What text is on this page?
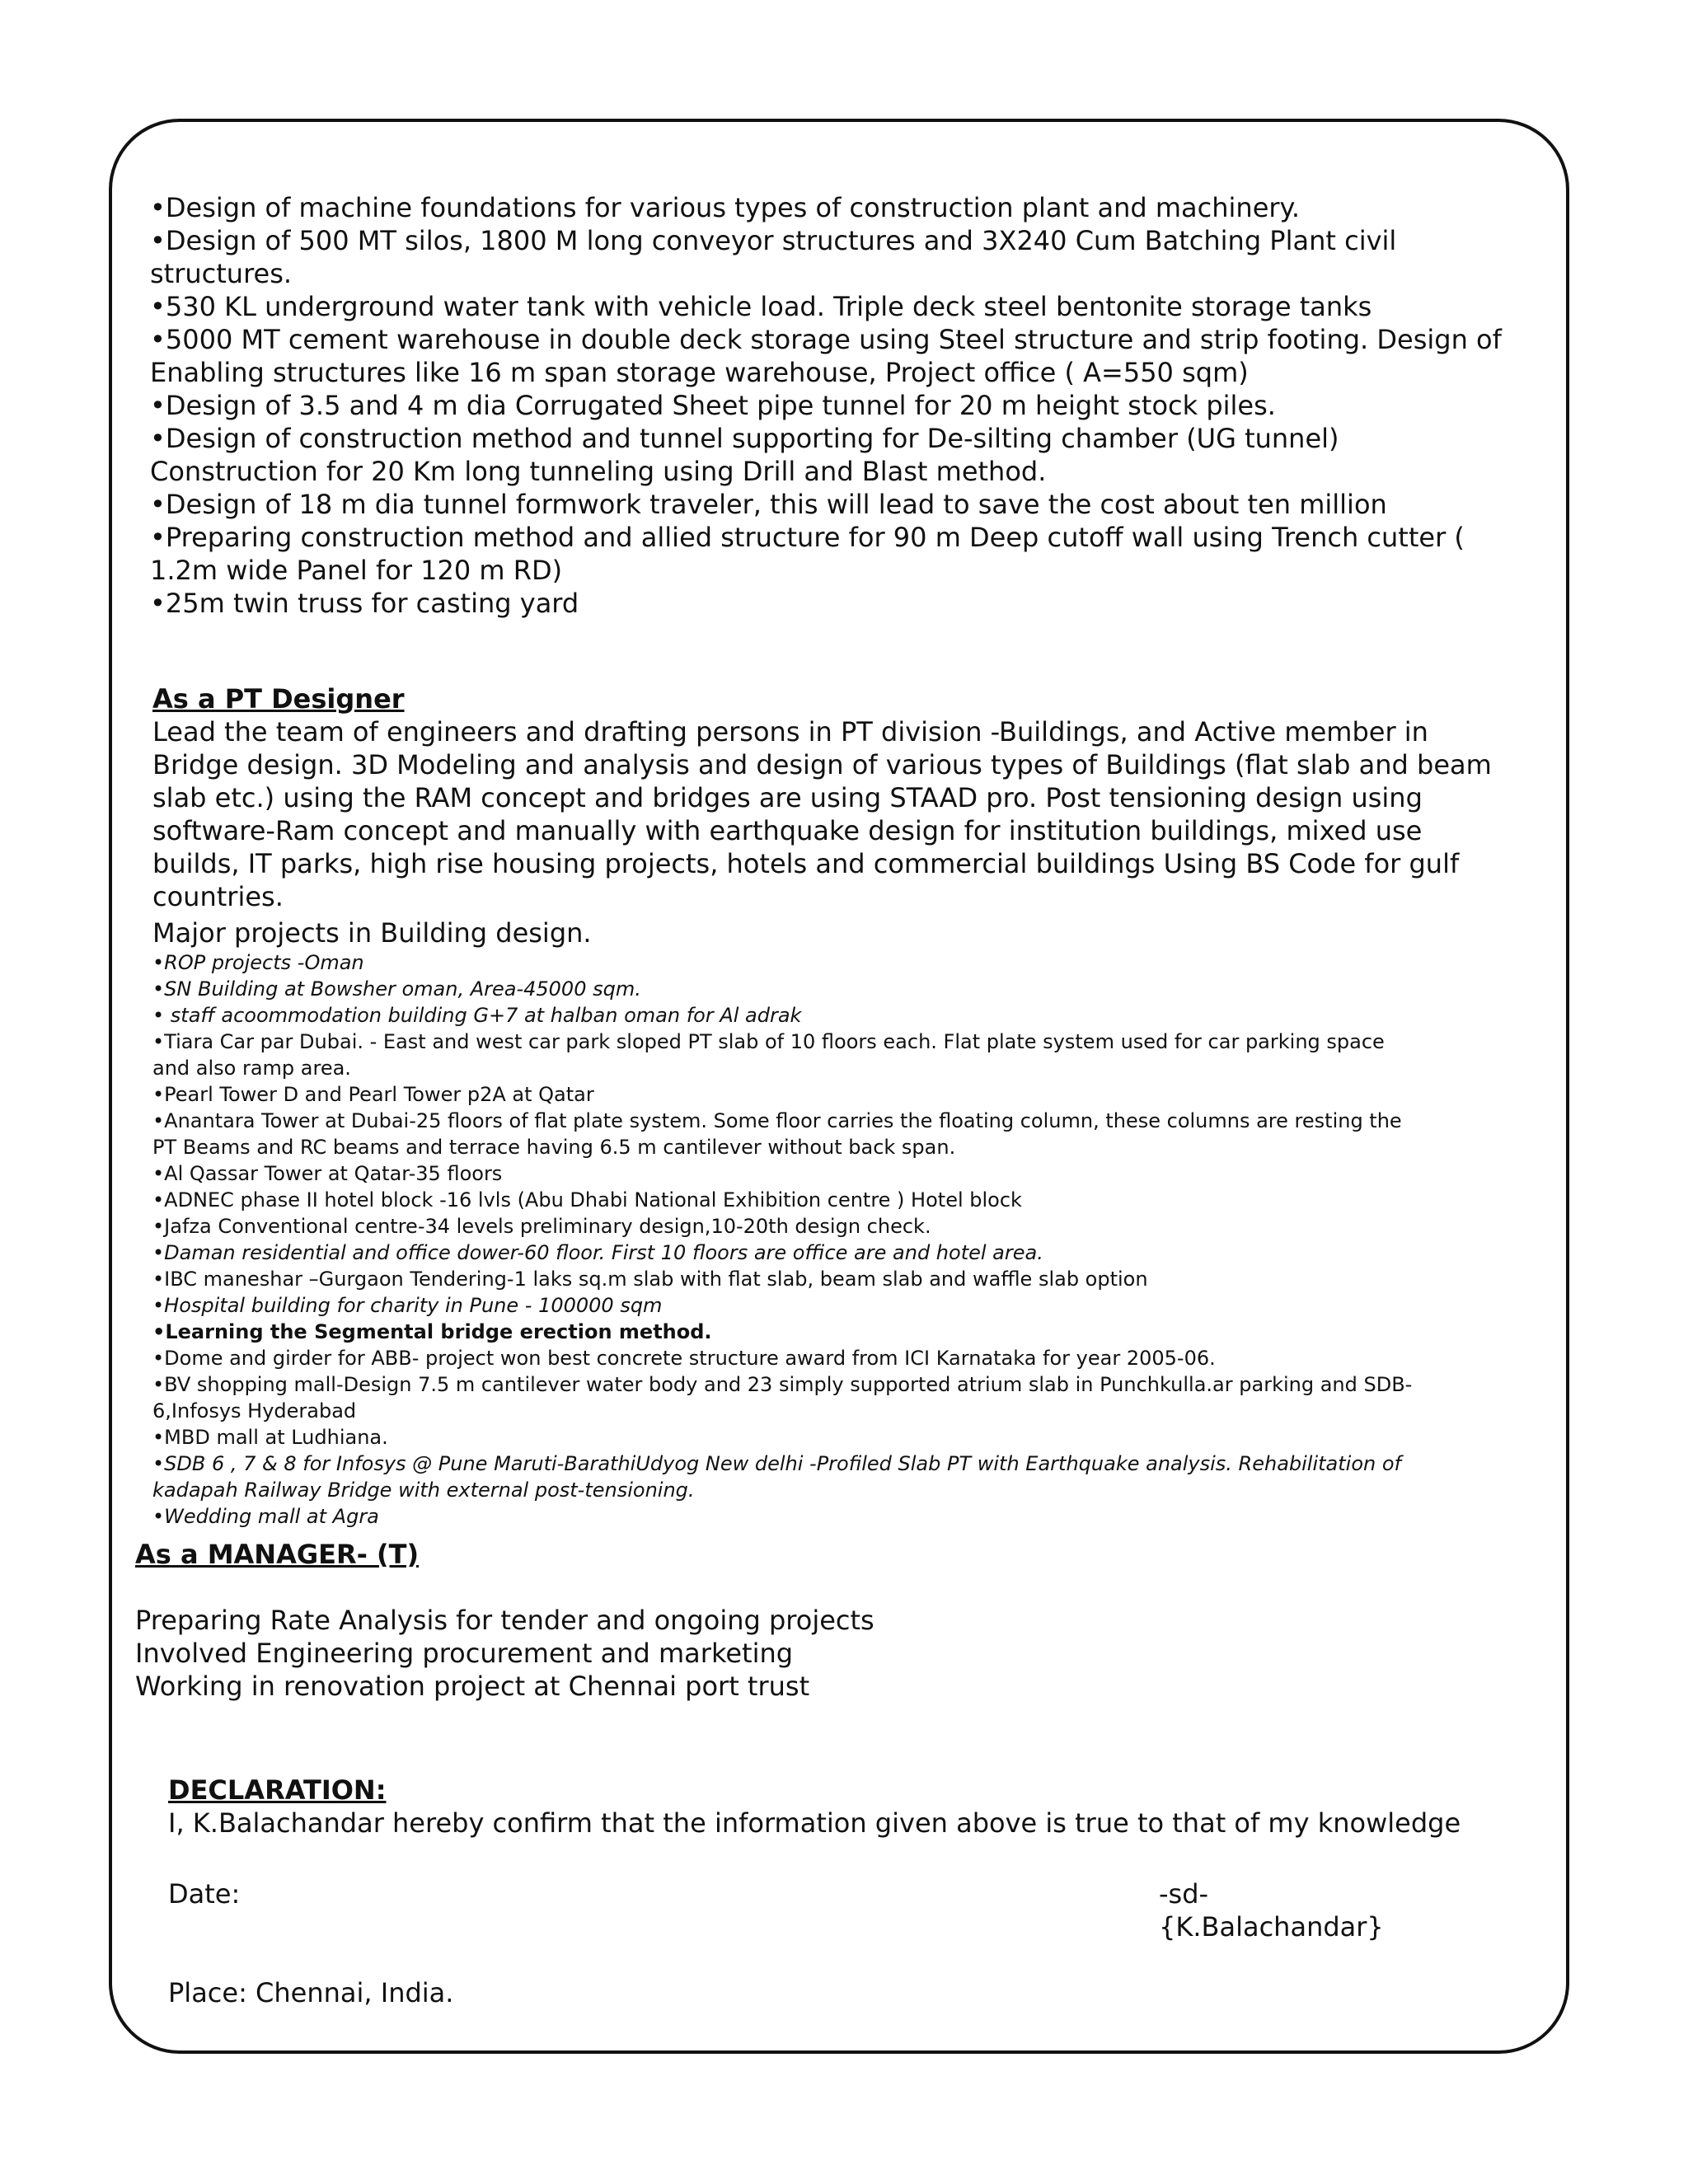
•Design of machine foundations for various types of construction plant and machinery.
•Design of 500 MT silos, 1800 M long conveyor structures and 3X240 Cum Batching Plant civil
structures.
•530 KL underground water tank with vehicle load. Triple deck steel bentonite storage tanks
•5000 MT cement warehouse in double deck storage using Steel structure and strip footing. Design of
Enabling structures like 16 m span storage warehouse, Project office ( A=550 sqm)
•Design of 3.5 and 4 m dia Corrugated Sheet pipe tunnel for 20 m height stock piles.
•Design of construction method and tunnel supporting for De-silting chamber (UG tunnel)
Construction for 20 Km long tunneling using Drill and Blast method.
•Design of 18 m dia tunnel formwork traveler, this will lead to save the cost about ten million
•Preparing construction method and allied structure for 90 m Deep cutoff wall using Trench cutter (
1.2m wide Panel for 120 m RD)
•25m twin truss for casting yard
As a PT Designer
Lead the team of engineers and drafting persons in PT division -Buildings, and Active member in
Bridge design. 3D Modeling and analysis and design of various types of Buildings (flat slab and beam
slab etc.) using the RAM concept and bridges are using STAAD pro. Post tensioning design using
software-Ram concept and manually with earthquake design for institution buildings, mixed use
builds, IT parks, high rise housing projects, hotels and commercial buildings Using BS Code for gulf
countries.
Major projects in Building design.
•ROP projects -Oman
•SN Building at Bowsher oman, Area-45000 sqm.
• staff acoommodation building G+7 at halban oman for Al adrak
•Tiara Car par Dubai. - East and west car park sloped PT slab of 10 floors each. Flat plate system used for car parking space
and also ramp area.
•Pearl Tower D and Pearl Tower p2A at Qatar
•Anantara Tower at Dubai-25 floors of flat plate system. Some floor carries the floating column, these columns are resting the
PT Beams and RC beams and terrace having 6.5 m cantilever without back span.
•Al Qassar Tower at Qatar-35 floors
•ADNEC phase II hotel block -16 lvls (Abu Dhabi National Exhibition centre ) Hotel block
•Jafza Conventional centre-34 levels preliminary design,10-20th design check.
•Daman residential and office dower-60 floor. First 10 floors are office are and hotel area.
•IBC maneshar –Gurgaon Tendering-1 laks sq.m slab with flat slab, beam slab and waffle slab option
•Hospital building for charity in Pune - 100000 sqm
•Learning the Segmental bridge erection method.
•Dome and girder for ABB- project won best concrete structure award from ICI Karnataka for year 2005-06.
•BV shopping mall-Design 7.5 m cantilever water body and 23 simply supported atrium slab in Punchkulla.ar parking and SDB-
6,Infosys Hyderabad
•MBD mall at Ludhiana.
•SDB 6 , 7 & 8 for Infosys @ Pune Maruti-BarathiUdyog New delhi -Profiled Slab PT with Earthquake analysis. Rehabilitation of
kadapah Railway Bridge with external post-tensioning.
•Wedding mall at Agra
As a MANAGER- (T)
Preparing Rate Analysis for tender and ongoing projects
Involved Engineering procurement and marketing
Working in renovation project at Chennai port trust
DECLARATION:
I, K.Balachandar hereby confirm that the information given above is true to that of my knowledge
Date:
Place: Chennai, India.
-sd-
{K.Balachandar}
